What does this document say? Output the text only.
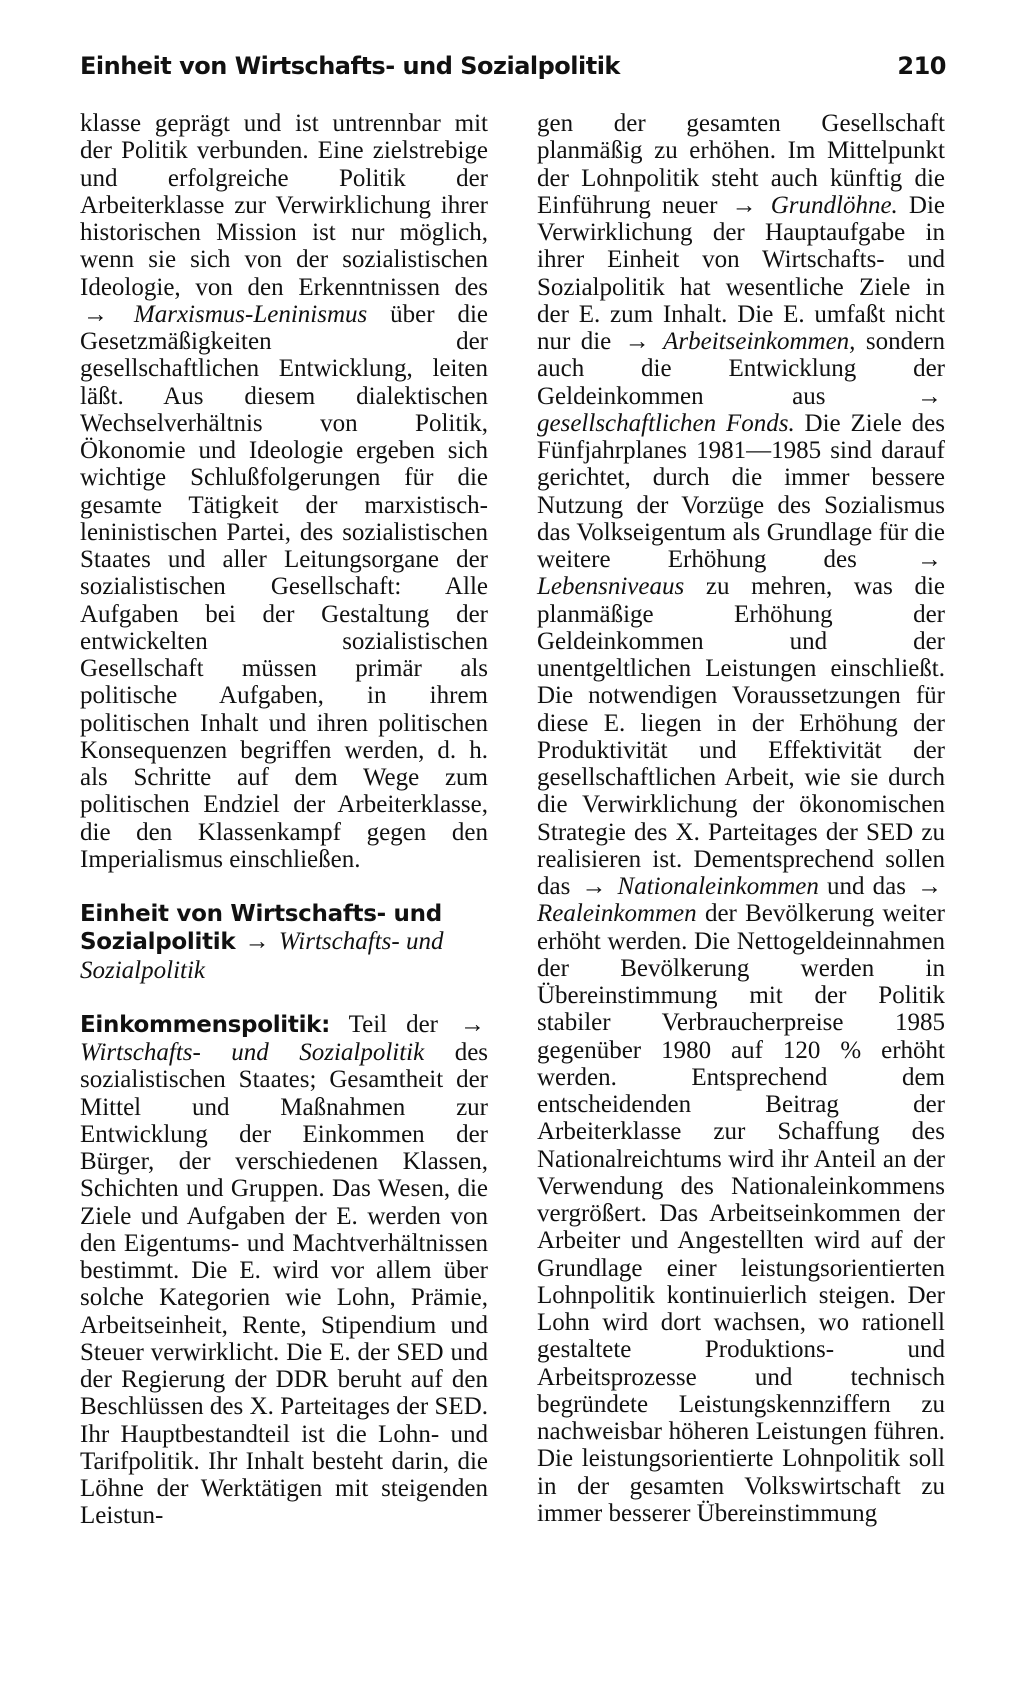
Einheit von Wirtschafts- und Sozialpolitik	210

klasse geprägt und ist untrennbar mit der Politik verbunden. Eine zielstrebige und erfolgreiche Politik der Arbeiterklasse zur Verwirklichung ihrer historischen Mission ist nur möglich, wenn sie sich von der sozialistischen Ideologie, von den Erkenntnissen des → Marxismus-Leninismus über die Gesetzmäßigkeiten der gesellschaftlichen Entwicklung, leiten läßt. Aus diesem dialektischen Wechselverhältnis von Politik, Ökonomie und Ideologie ergeben sich wichtige Schlußfolgerungen für die gesamte Tätigkeit der marxistisch-leninistischen Partei, des sozialistischen Staates und aller Leitungsorgane der sozialistischen Gesellschaft: Alle Aufgaben bei der Gestaltung der entwickelten sozialistischen Gesellschaft müssen primär als politische Aufgaben, in ihrem politischen Inhalt und ihren politischen Konsequenzen begriffen werden, d. h. als Schritte auf dem Wege zum politischen Endziel der Arbeiterklasse, die den Klassenkampf gegen den Imperialismus einschließen.

Einheit von Wirtschafts- und Sozialpolitik → Wirtschafts- und Sozialpolitik

Einkommenspolitik: Teil der → Wirtschafts- und Sozialpolitik des sozialistischen Staates; Gesamtheit der Mittel und Maßnahmen zur Entwicklung der Einkommen der Bürger, der verschiedenen Klassen, Schichten und Gruppen. Das Wesen, die Ziele und Aufgaben der E. werden von den Eigentums- und Machtverhältnissen bestimmt. Die E. wird vor allem über solche Kategorien wie Lohn, Prämie, Arbeitseinheit, Rente, Stipendium und Steuer verwirklicht. Die E. der SED und der Regierung der DDR beruht auf den Beschlüssen des X. Parteitages der SED. Ihr Hauptbestandteil ist die Lohn- und Tarifpolitik. Ihr Inhalt besteht darin, die Löhne der Werktätigen mit steigenden Leistun-

gen der gesamten Gesellschaft planmäßig zu erhöhen. Im Mittelpunkt der Lohnpolitik steht auch künftig die Einführung neuer → Grundlöhne. Die Verwirklichung der Hauptaufgabe in ihrer Einheit von Wirtschafts- und Sozialpolitik hat wesentliche Ziele in der E. zum Inhalt. Die E. umfaßt nicht nur die → Arbeitseinkommen, sondern auch die Entwicklung der Geldeinkommen aus	→ gesellschaftlichen Fonds. Die Ziele des Fünfjahrplanes 1981—1985 sind darauf gerichtet, durch die immer bessere Nutzung der Vorzüge des Sozialismus das Volkseigentum als Grundlage für die weitere Erhöhung des → Lebensniveaus zu mehren, was die planmäßige Erhöhung der Geldeinkommen und der unentgeltlichen Leistungen einschließt. Die notwendigen Voraussetzungen für diese E. liegen in der Erhöhung der Produktivität und Effektivität der gesellschaftlichen Arbeit, wie sie durch die Verwirklichung der ökonomischen Strategie des X. Parteitages der SED zu realisieren ist. Dementsprechend sollen das → Nationaleinkommen und das → Realeinkommen der Bevölkerung weiter erhöht werden. Die Nettogeldeinnahmen der Bevölkerung werden in Übereinstimmung mit der Politik stabiler Verbraucherpreise 1985 gegenüber 1980 auf 120 % erhöht werden. Entsprechend dem entscheidenden Beitrag der Arbeiterklasse zur Schaffung des Nationalreichtums wird ihr Anteil an der Verwendung des Nationaleinkommens vergrößert. Das Arbeitseinkommen der Arbeiter und Angestellten wird auf der Grundlage einer leistungsorientierten Lohnpolitik kontinuierlich steigen. Der Lohn wird dort wachsen, wo rationell gestaltete Produktions- und Arbeitsprozesse und technisch begründete Leistungskennziffern zu nachweisbar höheren Leistungen führen. Die leistungsorientierte Lohnpolitik soll in der gesamten Volkswirtschaft zu immer besserer Übereinstimmung
